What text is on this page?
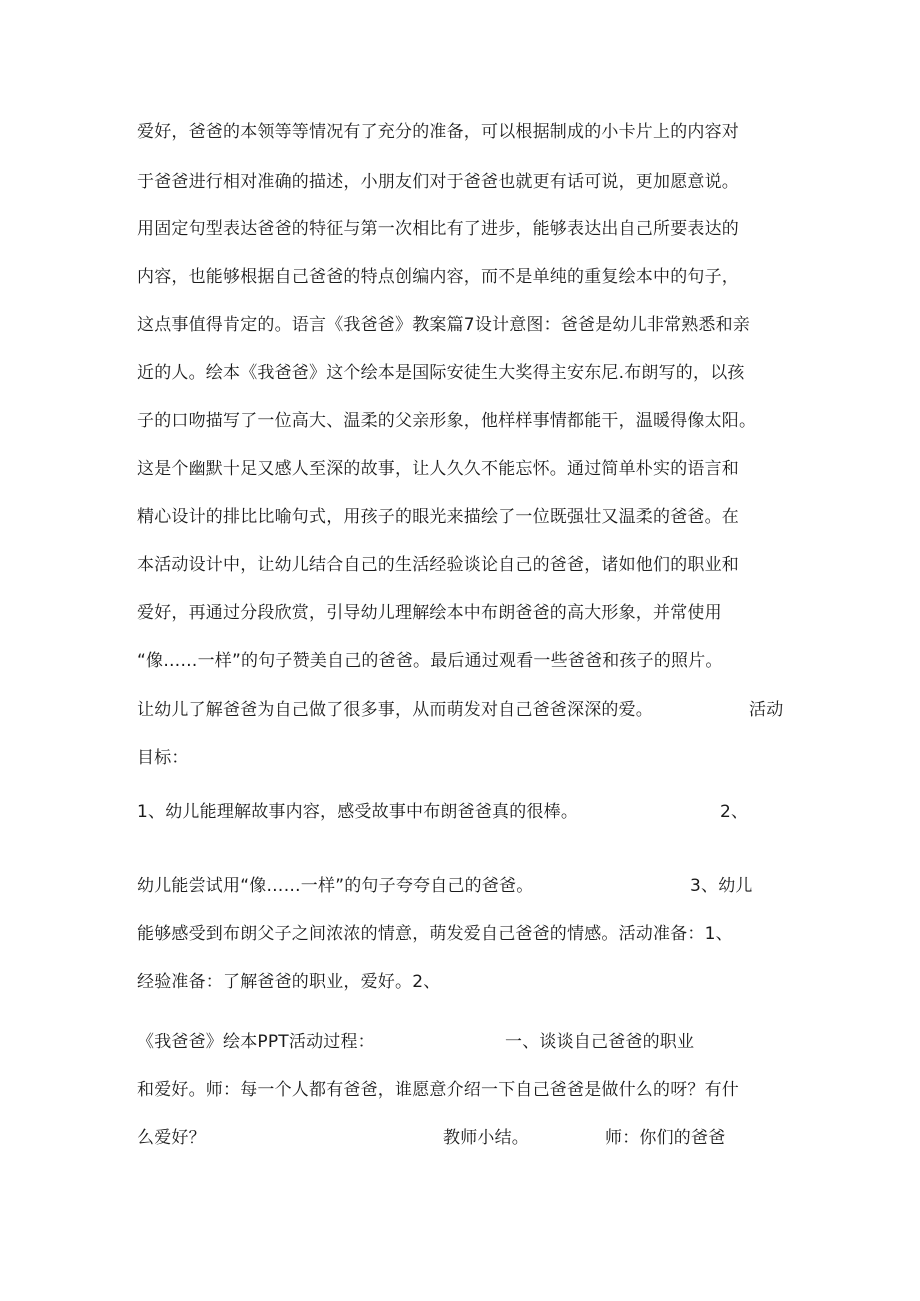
爱好，爸爸的本领等等情况有了充分的准备，可以根据制成的小卡片上的内容对
于爸爸进行相对准确的描述，小朋友们对于爸爸也就更有话可说，更加愿意说。
用固定句型表达爸爸的特征与第一次相比有了进步，能够表达出自己所要表达的
内容，也能够根据自己爸爸的特点创编内容，而不是单纯的重复绘本中的句子，
这点事值得肯定的。语言《我爸爸》教案篇7设计意图：爸爸是幼儿非常熟悉和亲
近的人。绘本《我爸爸》这个绘本是国际安徒生大奖得主安东尼.布朗写的，以孩
子的口吻描写了一位高大、温柔的父亲形象，他样样事情都能干，温暖得像太阳。
这是个幽默十足又感人至深的故事，让人久久不能忘怀。通过简单朴实的语言和
精心设计的排比比喻句式，用孩子的眼光来描绘了一位既强壮又温柔的爸爸。在
本活动设计中，让幼儿结合自己的生活经验谈论自己的爸爸，诸如他们的职业和
爱好，再通过分段欣赏，引导幼儿理解绘本中布朗爸爸的高大形象，并常使用
“像……一样”的句子赞美自己的爸爸。最后通过观看一些爸爸和孩子的照片。
让幼儿了解爸爸为自己做了很多事，从而萌发对自己爸爸深深的爱。	活动
目标：
1、幼儿能理解故事内容，感受故事中布朗爸爸真的很棒。	2、
幼儿能尝试用“像……一样”的句子夸夸自己的爸爸。	3、幼儿
能够感受到布朗父子之间浓浓的情意，萌发爱自己爸爸的情感。活动准备：1、
经验准备：了解爸爸的职业，爱好。2、
《我爸爸》绘本PPT活动过程：	一、谈谈自己爸爸的职业
和爱好。师：每一个人都有爸爸，谁愿意介绍一下自己爸爸是做什么的呀？有什
么爱好？	教师小结。	师：你们的爸爸
